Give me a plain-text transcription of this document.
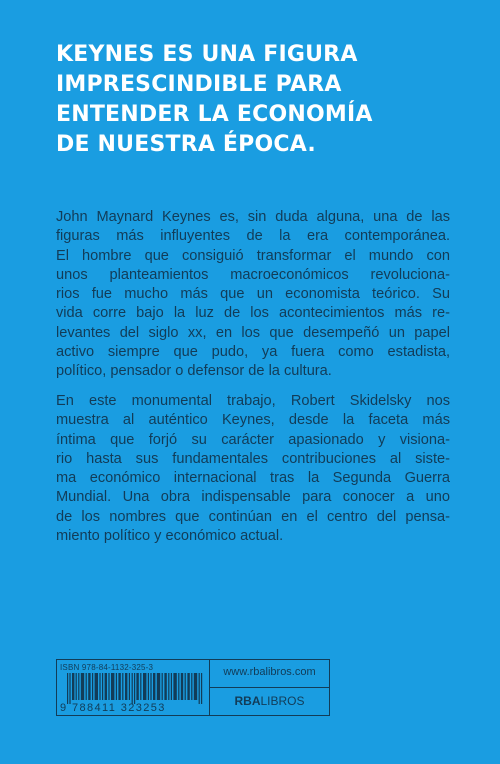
KEYNES ES UNA FIGURA
IMPRESCINDIBLE PARA
ENTENDER LA ECONOMÍA
DE NUESTRA ÉPOCA.
John Maynard Keynes es, sin duda alguna, una de las
figuras más influyentes de la era contemporánea.
El hombre que consiguió transformar el mundo con
unos planteamientos macroeconómicos revoluciona-
rios fue mucho más que un economista teórico. Su
vida corre bajo la luz de los acontecimientos más re-
levantes del siglo xx, en los que desempeñó un papel
activo siempre que pudo, ya fuera como estadista,
político, pensador o defensor de la cultura.
En este monumental trabajo, Robert Skidelsky nos
muestra al auténtico Keynes, desde la faceta más
íntima que forjó su carácter apasionado y visiona-
rio hasta sus fundamentales contribuciones al siste-
ma económico internacional tras la Segunda Guerra
Mundial. Una obra indispensable para conocer a uno
de los nombres que continúan en el centro del pensa-
miento político y económico actual.
ISBN 978-84-1132-325-3
9 788411 323253
www.rbalibros.com
RBALIBROS
